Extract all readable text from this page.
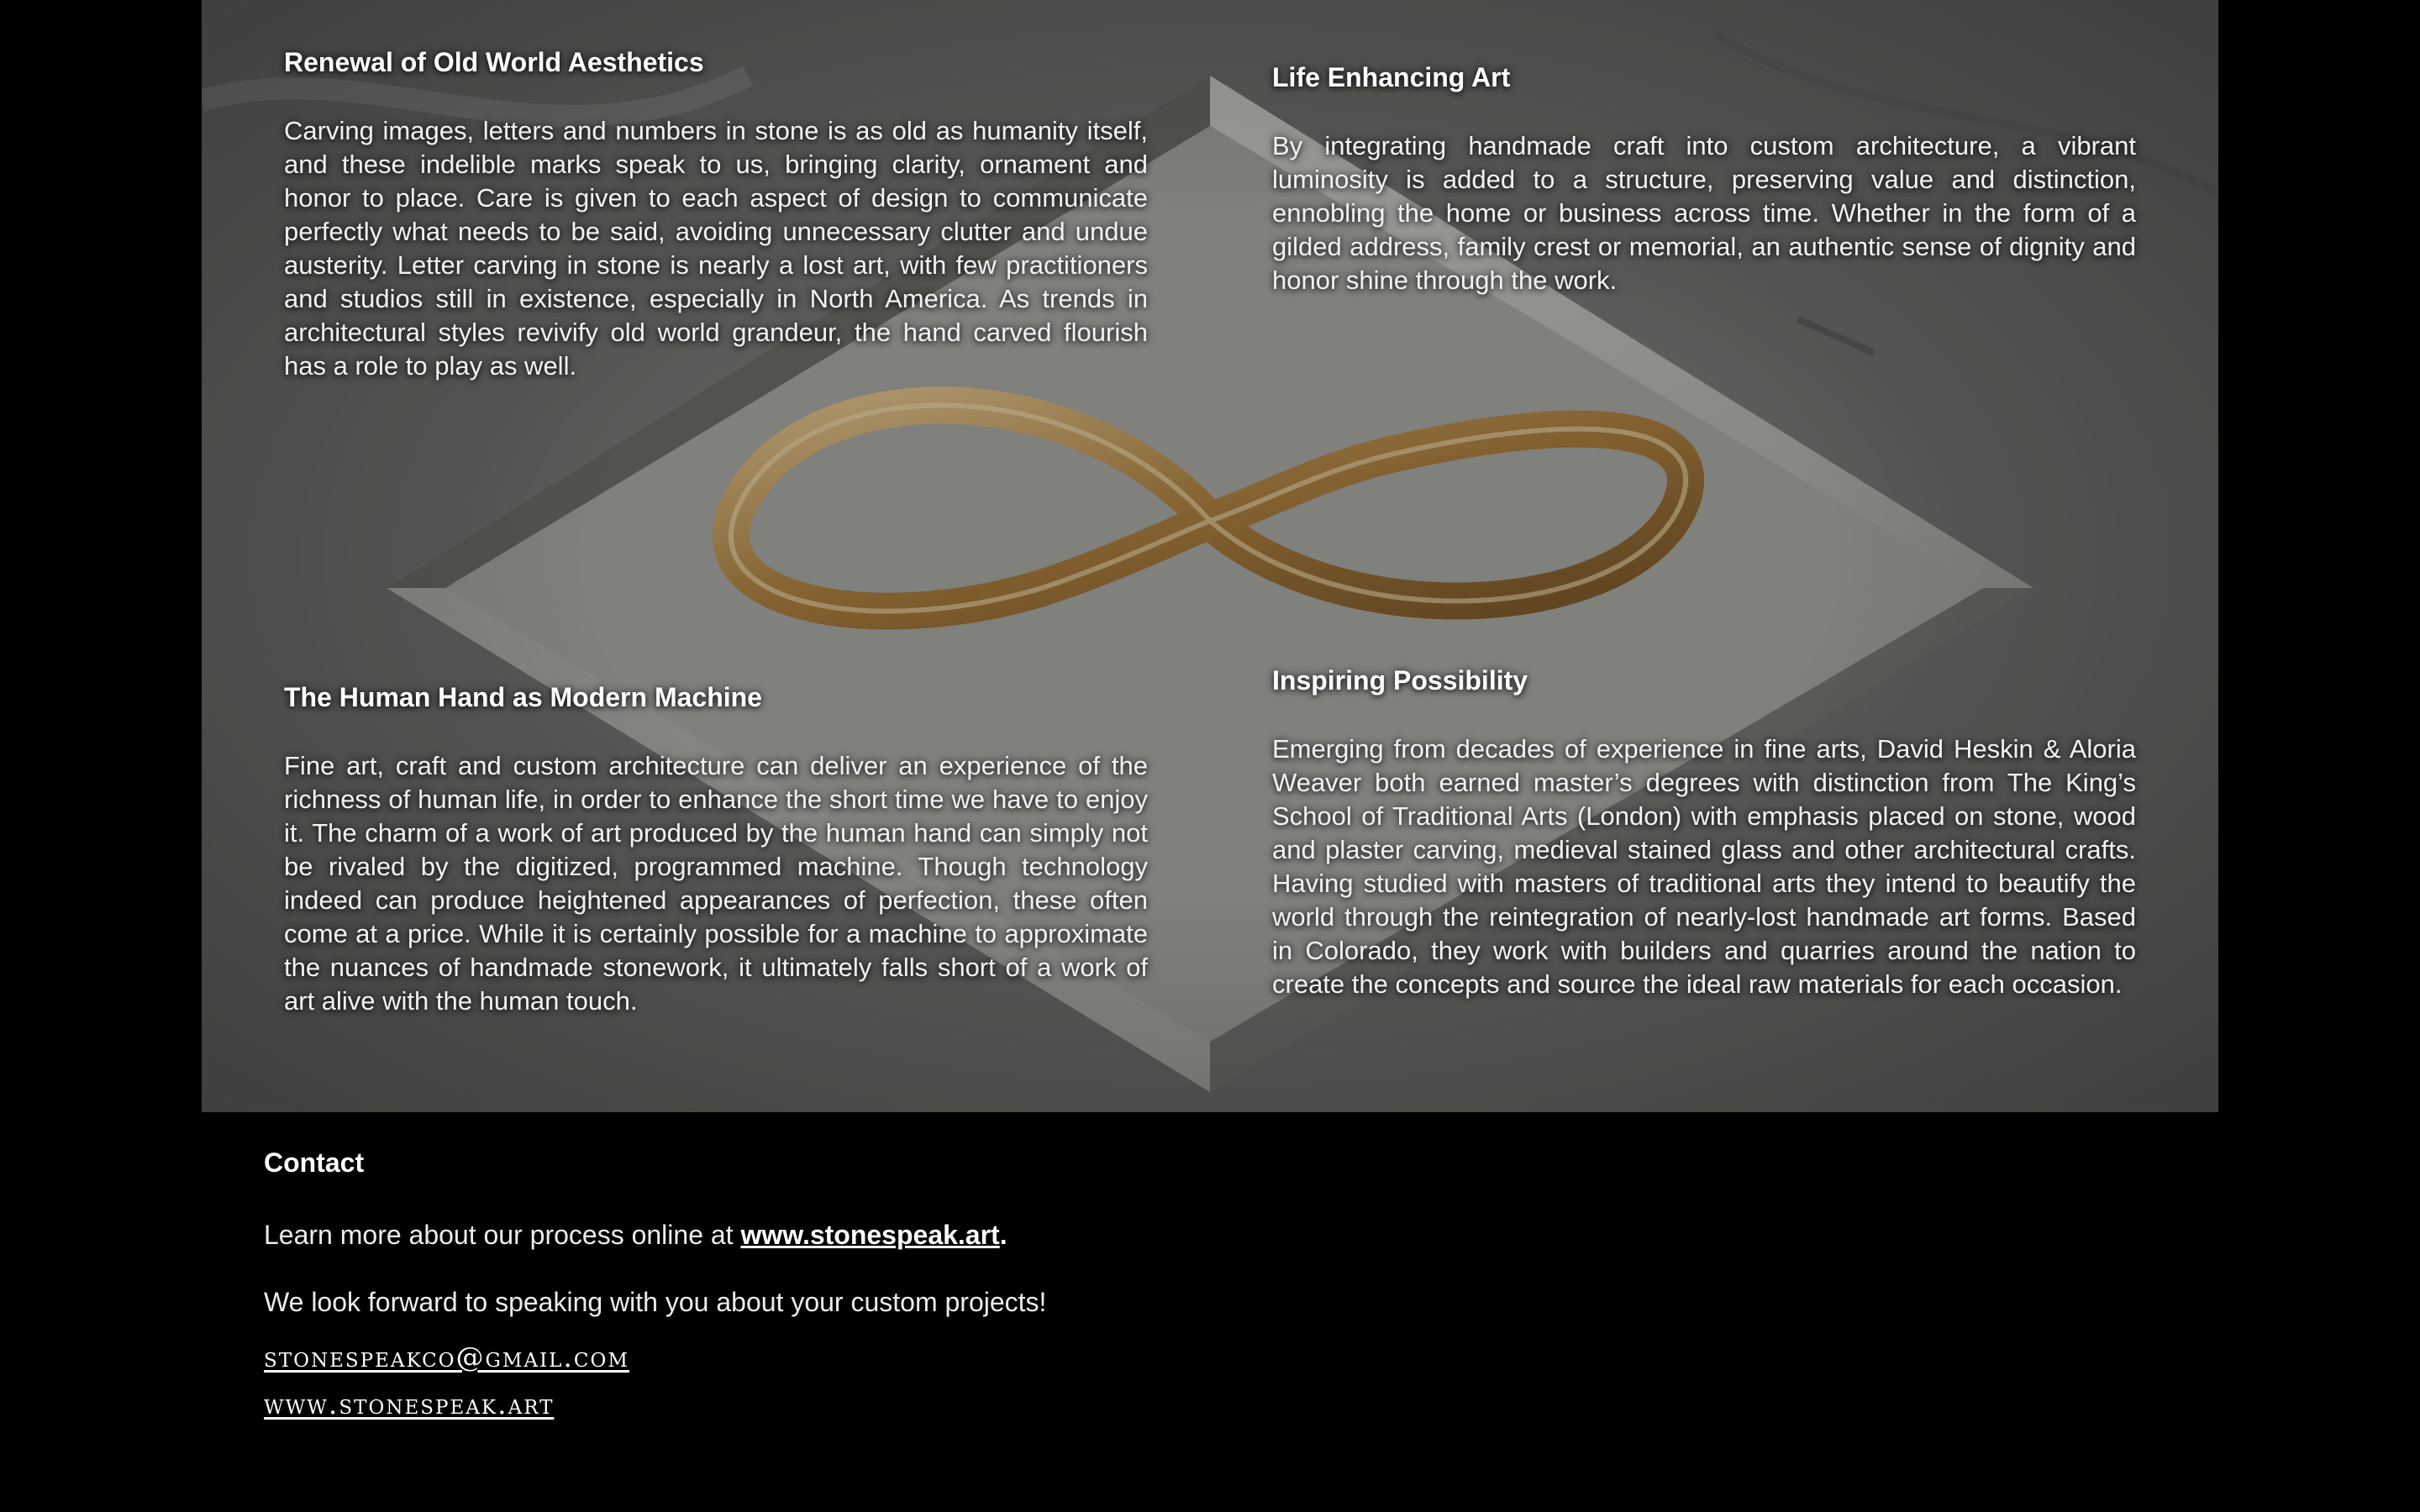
Renewal of Old World Aesthetics

Carving images, letters and numbers in stone is as old as humanity itself, and these indelible marks speak to us, bringing clarity, ornament and honor to place. Care is given to each aspect of design to communicate perfectly what needs to be said, avoiding unnecessary clutter and undue austerity. Letter carving in stone is nearly a lost art, with few practitioners and studios still in existence, especially in North America. As trends in architectural styles revivify old world grandeur, the hand carved flourish has a role to play as well.

Life Enhancing Art

By integrating handmade craft into custom architecture, a vibrant luminosity is added to a structure, preserving value and distinction, ennobling the home or business across time. Whether in the form of a gilded address, family crest or memorial, an authentic sense of dignity and honor shine through the work.

The Human Hand as Modern Machine

Fine art, craft and custom architecture can deliver an experience of the richness of human life, in order to enhance the short time we have to enjoy it. The charm of a work of art produced by the human hand can simply not be rivaled by the digitized, programmed machine. Though technology indeed can produce heightened appearances of perfection, these often come at a price. While it is certainly possible for a machine to approximate the nuances of handmade stonework, it ultimately falls short of a work of art alive with the human touch.

Inspiring Possibility

Emerging from decades of experience in fine arts, David Heskin & Aloria Weaver both earned master’s degrees with distinction from The King’s School of Traditional Arts (London) with emphasis placed on stone, wood and plaster carving, medieval stained glass and other architectural crafts. Having studied with masters of traditional arts they intend to beautify the world through the reintegration of nearly-lost handmade art forms. Based in Colorado, they work with builders and quarries around the nation to create the concepts and source the ideal raw materials for each occasion.

Contact

Learn more about our process online at www.stonespeak.art.

We look forward to speaking with you about your custom projects!

stonespeakco@gmail.com
www.stonespeak.art
